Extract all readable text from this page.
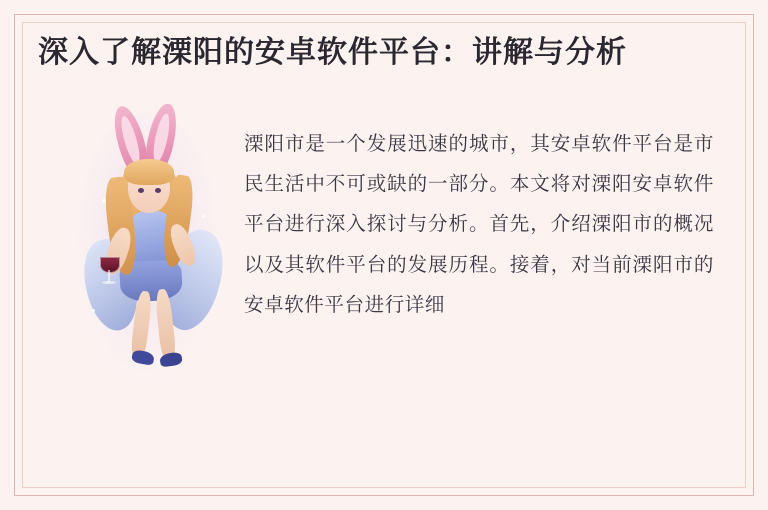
深入了解溧阳的安卓软件平台：讲解与分析

溧阳市是一个发展迅速的城市，其安卓软件平台是市民生活中不可或缺的一部分。本文将对溧阳安卓软件平台进行深入探讨与分析。首先，介绍溧阳市的概况以及其软件平台的发展历程。接着，对当前溧阳市的安卓软件平台进行详细
